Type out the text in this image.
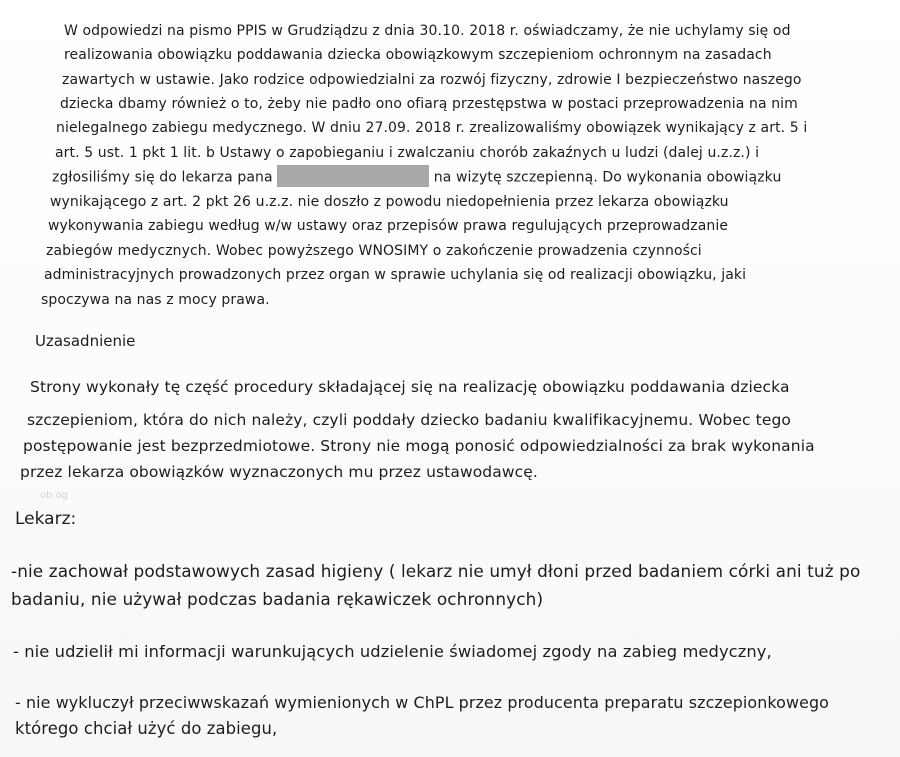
ob og
W odpowiedzi na pismo PPIS w Grudziądzu z dnia 30.10. 2018 r. oświadczamy, że nie uchylamy się od
realizowania obowiązku poddawania dziecka obowiązkowym szczepieniom ochronnym na zasadach
zawartych w ustawie. Jako rodzice odpowiedzialni za rozwój fizyczny, zdrowie I bezpieczeństwo naszego
dziecka dbamy również o to, żeby nie padło ono ofiarą przestępstwa w postaci przeprowadzenia na nim
nielegalnego zabiegu medycznego. W dniu 27.09. 2018 r. zrealizowaliśmy obowiązek wynikający z art. 5 i
art. 5 ust. 1 pkt 1 lit. b Ustawy o zapobieganiu i zwalczaniu chorób zakaźnych u ludzi (dalej u.z.z.) i
zgłosiliśmy się do lekarza pana	na wizytę szczepienną. Do wykonania obowiązku
wynikającego z art. 2 pkt 26 u.z.z. nie doszło z powodu niedopełnienia przez lekarza obowiązku
wykonywania zabiegu według w/w ustawy oraz przepisów prawa regulujących przeprowadzanie
zabiegów medycznych. Wobec powyższego WNOSIMY o zakończenie prowadzenia czynności
administracyjnych prowadzonych przez organ w sprawie uchylania się od realizacji obowiązku, jaki
spoczywa na nas z mocy prawa.
Uzasadnienie
Strony wykonały tę część procedury składającej się na realizację obowiązku poddawania dziecka
szczepieniom, która do nich należy, czyli poddały dziecko badaniu kwalifikacyjnemu. Wobec tego
postępowanie jest bezprzedmiotowe. Strony nie mogą ponosić odpowiedzialności za brak wykonania
przez lekarza obowiązków wyznaczonych mu przez ustawodawcę.
Lekarz:
-nie zachował podstawowych zasad higieny ( lekarz nie umył dłoni przed badaniem córki ani tuż po
badaniu, nie używał podczas badania rękawiczek ochronnych)
- nie udzielił mi informacji warunkujących udzielenie świadomej zgody na zabieg medyczny,
- nie wykluczył przeciwwskazań wymienionych w ChPL przez producenta preparatu szczepionkowego
którego chciał użyć do zabiegu,
